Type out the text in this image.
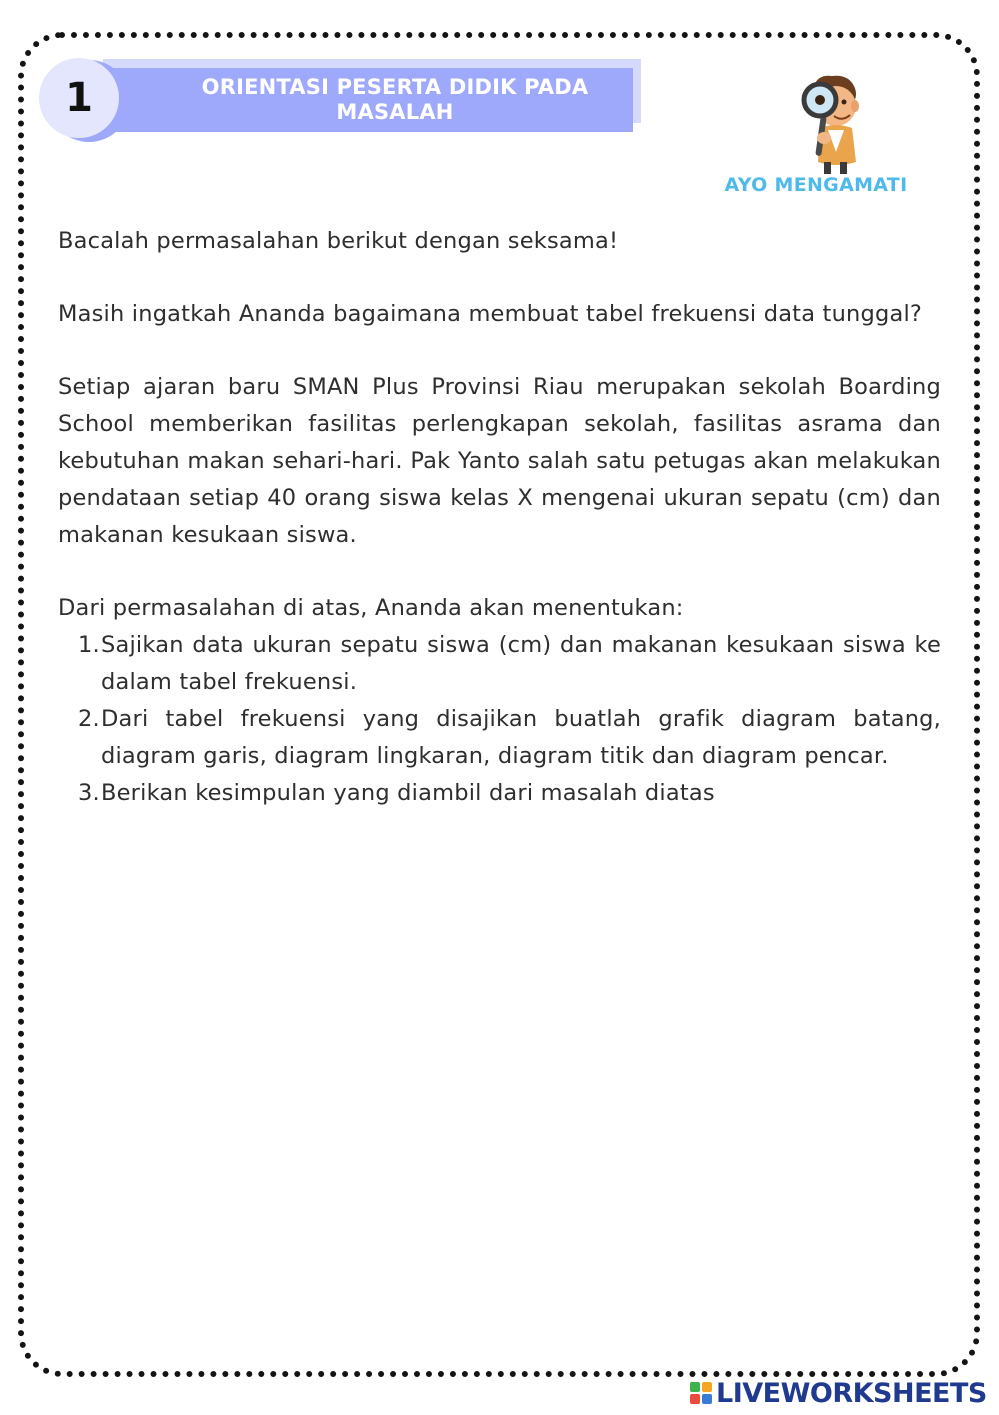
ORIENTASI PESERTA DIDIK PADA MASALAH
1
AYO MENGAMATI

Bacalah permasalahan berikut dengan seksama!

Masih ingatkah Ananda bagaimana membuat tabel frekuensi data tunggal?

Setiap ajaran baru SMAN Plus Provinsi Riau merupakan sekolah Boarding School memberikan fasilitas perlengkapan sekolah, fasilitas asrama dan kebutuhan makan sehari-hari. Pak Yanto salah satu petugas akan melakukan pendataan setiap 40 orang siswa kelas X mengenai ukuran sepatu (cm) dan makanan kesukaan siswa.

Dari permasalahan di atas, Ananda akan menentukan:
1. Sajikan data ukuran sepatu siswa (cm) dan makanan kesukaan siswa ke dalam tabel frekuensi.
2. Dari tabel frekuensi yang disajikan buatlah grafik diagram batang, diagram garis, diagram lingkaran, diagram titik dan diagram pencar.
3. Berikan kesimpulan yang diambil dari masalah diatas
LIVEWORKSHEETS
